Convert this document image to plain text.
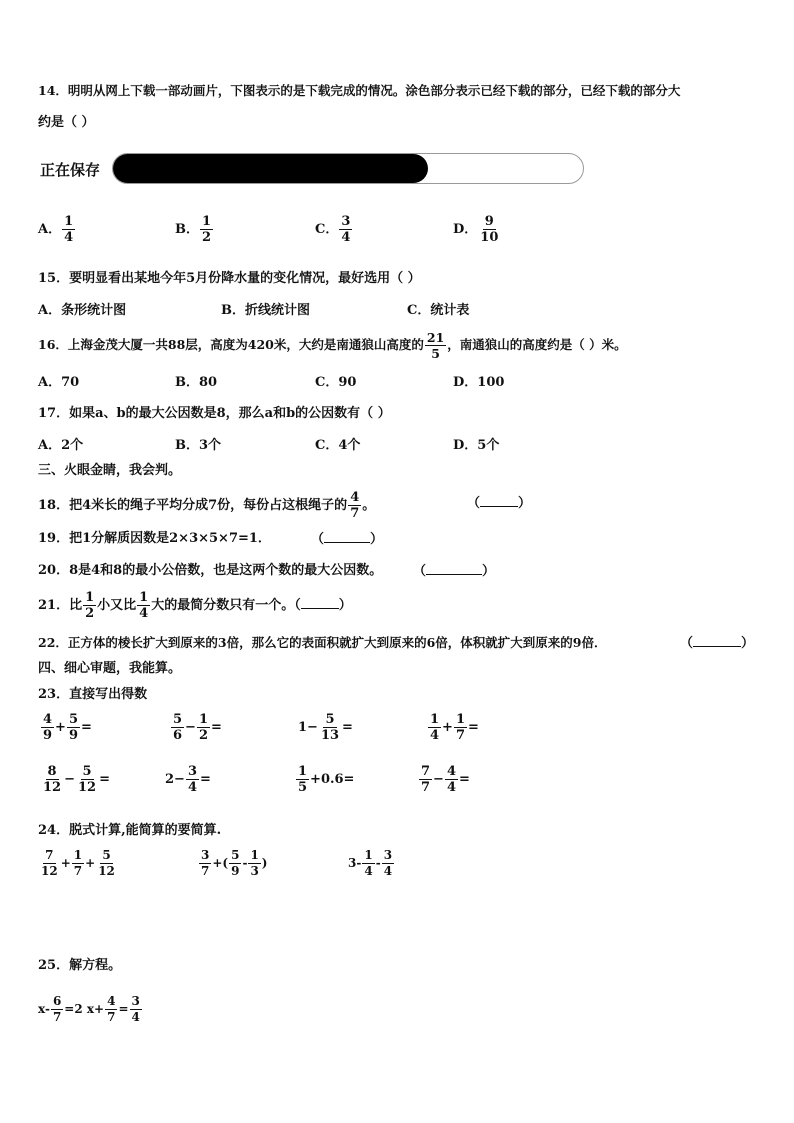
14．明明从网上下载一部动画片，下图表示的是下载完成的情况。涂色部分表示已经下载的部分，已经下载的部分大
约是（ ）
正在保存
A． $\frac{1}{4}$	B． $\frac{1}{2}$	C． $\frac{3}{4}$	D． $\frac{9}{10}$
15．要明显看出某地今年5月份降水量的变化情况，最好选用（ ）
A．条形统计图	B．折线统计图	C．统计表
16．上海金茂大厦一共88层，高度为420米，大约是南通狼山高度的 $\frac{21}{5}$ ，南通狼山的高度约是（ ）米。
A．70	B．80	C．90	D．100
17．如果a、b的最大公因数是8，那么a和b的公因数有（ ）
A．2个	B．3个	C．4个	D．5个
三、火眼金睛，我会判。
18．把4米长的绳子平均分成7份，每份占这根绳子的 $\frac{4}{7}$ 。	（	）
19．把1分解质因数是2×3×5×7=1．	（	）
20．8是4和8的最小公倍数，也是这两个数的最大公因数。 （	）
21．比 $\frac{1}{2}$ 小又比 $\frac{1}{4}$ 大的最简分数只有一个。（	）
22．正方体的棱长扩大到原来的3倍，那么它的表面积就扩大到原来的6倍，体积就扩大到原来的9倍．	（	）
四、细心审题，我能算。
23．直接写出得数
$\frac{4}{9} + \frac{5}{9}$ =	$\frac{5}{6} - \frac{1}{2}$ =	$1- \frac{5}{13}$ =	$\frac{1}{4} + \frac{1}{7}$ =
$\frac{8}{12} - \frac{5}{12}$ =	$2- \frac{3}{4}$ =	$\frac{1}{5} +0.6=$	$\frac{7}{7} - \frac{4}{4}$ =
24．脱式计算,能简算的要简算.
$\frac{7}{12} + \frac{1}{7} + \frac{5}{12}$	$\frac{3}{7}$ +( $\frac{5}{9} - \frac{1}{3}$ )	$3- \frac{1}{4} - \frac{3}{4}$
25．解方程。
$x- \frac{6}{7} =2$ $x+ \frac{4}{7} = \frac{3}{4}$
